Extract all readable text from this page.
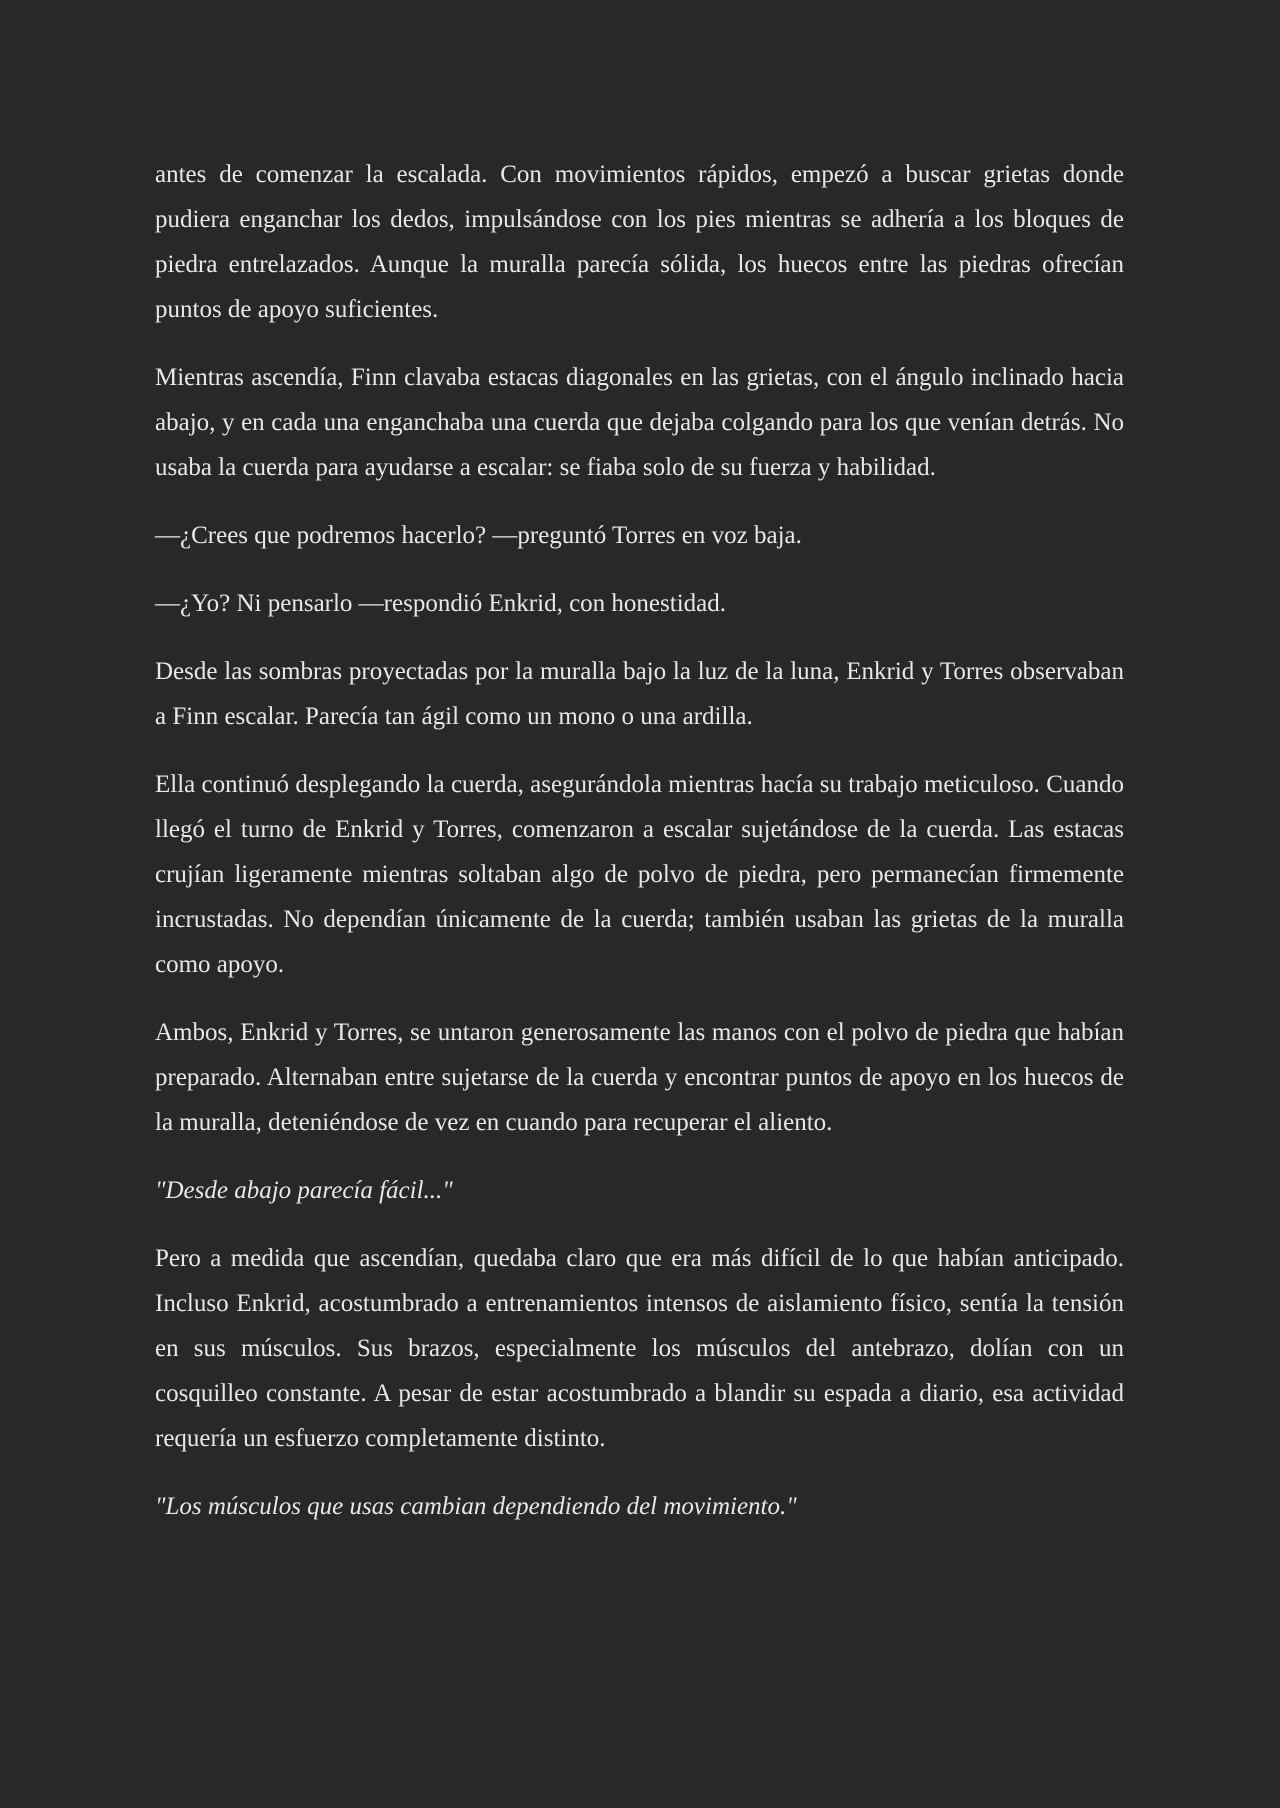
antes de comenzar la escalada. Con movimientos rápidos, empezó a buscar grietas donde pudiera enganchar los dedos, impulsándose con los pies mientras se adhería a los bloques de piedra entrelazados. Aunque la muralla parecía sólida, los huecos entre las piedras ofrecían puntos de apoyo suficientes.

Mientras ascendía, Finn clavaba estacas diagonales en las grietas, con el ángulo inclinado hacia abajo, y en cada una enganchaba una cuerda que dejaba colgando para los que venían detrás. No usaba la cuerda para ayudarse a escalar: se fiaba solo de su fuerza y habilidad.

—¿Crees que podremos hacerlo? —preguntó Torres en voz baja.

—¿Yo? Ni pensarlo —respondió Enkrid, con honestidad.

Desde las sombras proyectadas por la muralla bajo la luz de la luna, Enkrid y Torres observaban a Finn escalar. Parecía tan ágil como un mono o una ardilla.

Ella continuó desplegando la cuerda, asegurándola mientras hacía su trabajo meticuloso. Cuando llegó el turno de Enkrid y Torres, comenzaron a escalar sujetándose de la cuerda. Las estacas crujían ligeramente mientras soltaban algo de polvo de piedra, pero permanecían firmemente incrustadas. No dependían únicamente de la cuerda; también usaban las grietas de la muralla como apoyo.

Ambos, Enkrid y Torres, se untaron generosamente las manos con el polvo de piedra que habían preparado. Alternaban entre sujetarse de la cuerda y encontrar puntos de apoyo en los huecos de la muralla, deteniéndose de vez en cuando para recuperar el aliento.

"Desde abajo parecía fácil..."

Pero a medida que ascendían, quedaba claro que era más difícil de lo que habían anticipado. Incluso Enkrid, acostumbrado a entrenamientos intensos de aislamiento físico, sentía la tensión en sus músculos. Sus brazos, especialmente los músculos del antebrazo, dolían con un cosquilleo constante. A pesar de estar acostumbrado a blandir su espada a diario, esa actividad requería un esfuerzo completamente distinto.

"Los músculos que usas cambian dependiendo del movimiento."
